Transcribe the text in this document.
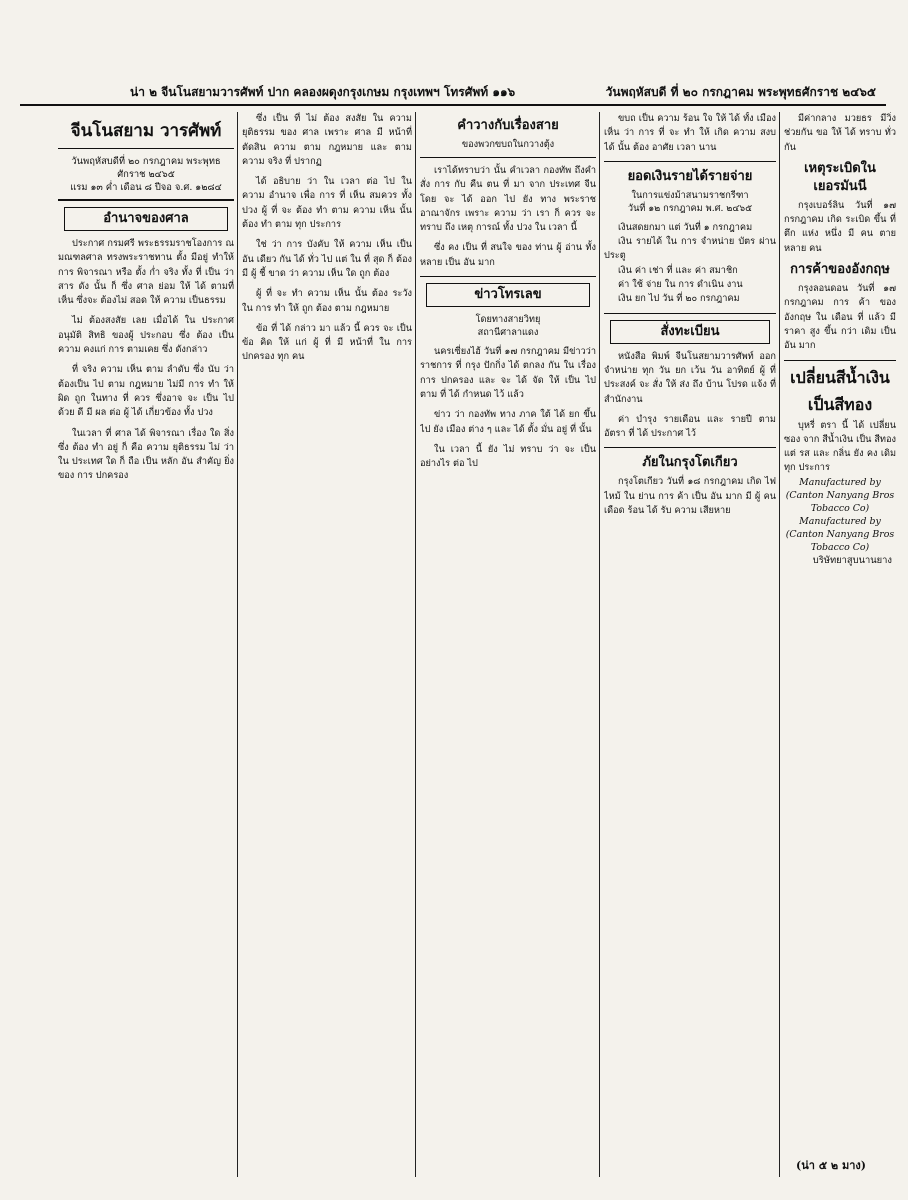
น่า ๒ จีนโนสยามวารศัพท์ ปาก คลองผดุงกรุงเกษม กรุงเทพฯ โทรศัพท์ ๑๑๖	วันพฤหัสบดี ที่ ๒๐ กรกฎาคม พระพุทธศักราช ๒๔๖๕
จีนโนสยาม วารศัพท์
วันพฤหัสบดีที่ ๒๐ กรกฎาคม พระพุทธศักราช ๒๔๖๕
แรม ๑๓ ค่ำ เดือน ๘ ปีจอ จ.ศ. ๑๒๘๔
อำนาจของศาล

ประกาศ กรมศรี พระธรรมราชโองการ ณ มณฑลศาล ทรงพระราชทาน ตั้ง มีอยู่ ทำให้ การ พิจารณา หรือ ตั้ง ก่ำ จริง ทั้ง ที่ เป็น ว่าสาร ดัง นั้น ก็ ซึ่ง ศาล ย่อม ให้ ได้ ตามที่ เห็น ซึ่งจะ ต้องไม่ สอด ให้ ความ เป็นธรรม

ไม่ ต้องสงสัย เลย เมื่อได้ ใน ประกาศ อนุมัติ สิทธิ ของผู้ ประกอบ ซึ่ง ต้อง เป็น ความ คงแก่ การ ตามเคย ซึ่ง ดังกล่าว

ที่ จริง ความ เห็น ตาม ลำดับ ซึ่ง นับ ว่า ต้องเป็น ไป ตาม กฎหมาย ไม่มี การ ทำ ให้ ผิด ถูก ในทาง ที่ ควร ซึ่งอาจ จะ เป็น ไป ด้วย ดี มี ผล ต่อ ผู้ ได้ เกี่ยวข้อง ทั้ง ปวง

ในเวลา ที่ ศาล ได้ พิจารณา เรื่อง ใด สิ่ง ซึ่ง ต้อง ทำ อยู่ ก็ คือ ความ ยุติธรรม ไม่ ว่า ใน ประเทศ ใด ก็ ถือ เป็น หลัก อัน สำคัญ ยิ่ง ของ การ ปกครอง

ซึ่ง เป็น ที่ ไม่ ต้อง สงสัย ใน ความ ยุติธรรม ของ ศาล เพราะ ศาล มี หน้าที่ ตัดสิน ความ ตาม กฎหมาย และ ตาม ความ จริง ที่ ปรากฏ

ได้ อธิบาย ว่า ใน เวลา ต่อ ไป ใน ความ อำนาจ เพื่อ การ ที่ เห็น สมควร ทั้ง ปวง ผู้ ที่ จะ ต้อง ทำ ตาม ความ เห็น นั้น ต้อง ทำ ตาม ทุก ประการ

ใช่ ว่า การ บังคับ ให้ ความ เห็น เป็น อัน เดียว กัน ได้ ทั่ว ไป แต่ ใน ที่ สุด ก็ ต้อง มี ผู้ ชี้ ขาด ว่า ความ เห็น ใด ถูก ต้อง

ผู้ ที่ จะ ทำ ความ เห็น นั้น ต้อง ระวัง ใน การ ทำ ให้ ถูก ต้อง ตาม กฎหมาย

ข้อ ที่ ได้ กล่าว มา แล้ว นี้ ควร จะ เป็น ข้อ คิด ให้ แก่ ผู้ ที่ มี หน้าที่ ใน การ ปกครอง ทุก คน

คำวางกับเรื่องสาย
ของพวกขบถในกวางตุ้ง

เราได้ทราบว่า นั้น คำเวลา กองทัพ ถึงคำสั่ง การ กับ คืน ตน ที่ มา จาก ประเทศ จีน โดย จะ ได้ ออก ไป ยัง ทาง พระราช อาณาจักร เพราะ ความ ว่า เรา ก็ ควร จะ ทราบ ถึง เหตุ การณ์ ทั้ง ปวง ใน เวลา นี้

ซึ่ง คง เป็น ที่ สนใจ ของ ท่าน ผู้ อ่าน ทั้ง หลาย เป็น อัน มาก

ข่าวโทรเลข
โดยทางสายวิทยุ
สถานีศาลาแดง

นครเซี่ยงไฮ้ วันที่ ๑๗ กรกฎาคม มีข่าวว่า ราชการ ที่ กรุง ปักกิ่ง ได้ ตกลง กัน ใน เรื่อง การ ปกครอง และ จะ ได้ จัด ให้ เป็น ไป ตาม ที่ ได้ กำหนด ไว้ แล้ว

ข่าว ว่า กองทัพ ทาง ภาค ใต้ ได้ ยก ขึ้น ไป ยัง เมือง ต่าง ๆ และ ได้ ตั้ง มั่น อยู่ ที่ นั้น

ใน เวลา นี้ ยัง ไม่ ทราบ ว่า จะ เป็น อย่างไร ต่อ ไป

ขบถ เป็น ความ ร้อน ใจ ให้ ได้ ทั้ง เมือง เห็น ว่า การ ที่ จะ ทำ ให้ เกิด ความ สงบ ได้ นั้น ต้อง อาศัย เวลา นาน

ยอดเงินรายได้รายจ่าย
ในการแข่งม้าสนามราชกรีฑา
วันที่ ๑๒ กรกฎาคม พ.ศ. ๒๔๖๕

เงินสดยกมา แต่ วันที่ ๑ กรกฎาคม

เงิน รายได้ ใน การ จำหน่าย บัตร ผ่าน ประตู

เงิน ค่า เช่า ที่ และ ค่า สมาชิก

ค่า ใช้ จ่าย ใน การ ดำเนิน งาน

เงิน ยก ไป วัน ที่ ๒๐ กรกฎาคม

สั่งทะเบียน

หนังสือ พิมพ์ จีนโนสยามวารศัพท์ ออก จำหน่าย ทุก วัน ยก เว้น วัน อาทิตย์ ผู้ ที่ ประสงค์ จะ สั่ง ให้ ส่ง ถึง บ้าน โปรด แจ้ง ที่ สำนักงาน

ค่า บำรุง รายเดือน และ รายปี ตาม อัตรา ที่ ได้ ประกาศ ไว้

ภัยในกรุงโตเกียว

กรุงโตเกียว วันที่ ๑๘ กรกฎาคม เกิด ไฟ ไหม้ ใน ย่าน การ ค้า เป็น อัน มาก มี ผู้ คน เดือด ร้อน ได้ รับ ความ เสียหาย

มีค่ากลาง มวยธร มีวิ่ง ช่วยกัน ขอ ให้ ได้ ทราบ ทั่ว กัน

เหตุระเบิดในเยอรมันนี

กรุงเบอร์ลิน วันที่ ๑๗ กรกฎาคม เกิด ระเบิด ขึ้น ที่ ตึก แห่ง หนึ่ง มี คน ตาย หลาย คน

การค้าของอังกฤษ

กรุงลอนดอน วันที่ ๑๗ กรกฎาคม การ ค้า ของ อังกฤษ ใน เดือน ที่ แล้ว มี ราคา สูง ขึ้น กว่า เดิม เป็น อัน มาก

เปลี่ยนสีน้ำเงิน
เป็นสีทอง

บุหรี่ ตรา นี้ ได้ เปลี่ยน ซอง จาก สีน้ำเงิน เป็น สีทอง แต่ รส และ กลิ่น ยัง คง เดิม ทุก ประการ

Manufactured by
(Canton Nanyang Bros Tobacco Co)
Manufactured by
(Canton Nanyang Bros Tobacco Co)
บริษัทยาสูบนานยาง
(น่า ๕ ๒ มาง)
